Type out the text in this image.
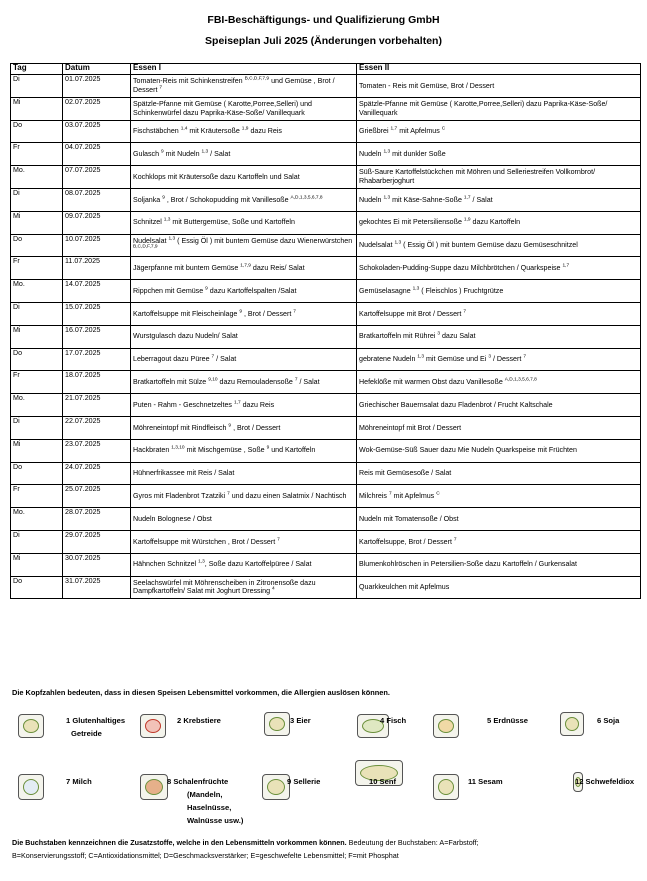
FBI-Beschäftigungs- und Qualifizierung GmbH
Speiseplan Juli 2025 (Änderungen vorbehalten)
Tag	Datum	Essen I	Essen II
Di	01.07.2025	Tomaten-Reis mit Schinkenstreifen $^{B,C,D,F,7,9}$ und Gemüse , Brot / Dessert $^7$	Tomaten - Reis mit Gemüse, Brot / Dessert

Mi	02.07.2025	Spätzle-Pfanne mit Gemüse ( Karotte,Porree,Selleri) und Schinkenwürfel dazu Paprika-Käse-Soße/ Vanillequark	Spätzle-Pfanne mit Gemüse ( Karotte,Porree,Selleri) dazu Paprika-Käse-Soße/ Vanillequark

Do	03.07.2025	Fischstäbchen $^{1,4}$ mit Kräutersoße $^{1,9}$ dazu Reis	Grießbrei $^{1,7}$ mit Apfelmus $^C$

Fr	04.07.2025	Gulasch $^9$ mit Nudeln $^{1,3}$ / Salat	Nudeln $^{1,3}$ mit dunkler Soße

Mo.	07.07.2025	Kochklops mit Kräutersoße dazu Kartoffeln und Salat	Süß-Saure Kartoffelstückchen mit Möhren und Selleriestreifen Vollkornbrot/ Rhabarberjoghurt

Di	08.07.2025	Soljanka $^9$ , Brot / Schokopudding mit Vanillesoße $^{A,D,1,3,5,6,7,8}$	Nudeln $^{1,3}$ mit Käse-Sahne-Soße $^{1,7}$ / Salat

Mi	09.07.2025	Schnitzel $^{1,3}$ mit Buttergemüse, Soße und Kartoffeln	gekochtes Ei mit Petersiliensoße $^{1,9}$ dazu Kartoffeln

Do	10.07.2025	Nudelsalat $^{1,3}$ ( Essig Öl ) mit buntem Gemüse dazu Wienerwürstchen $^{B,C,D,F,7,9}$	Nudelsalat $^{1,3}$ ( Essig Öl ) mit buntem Gemüse dazu Gemüseschnitzel

Fr	11.07.2025	Jägerpfanne mit buntem Gemüse $^{1,7,9}$ dazu Reis/ Salat	Schokoladen-Pudding-Suppe dazu Milchbrötchen / Quarkspeise $^{1,7}$

Mo.	14.07.2025	Rippchen mit Gemüse $^9$ dazu Kartoffelspalten /Salat	Gemüselasagne $^{1,3}$ ( Fleischlos ) Fruchtgrütze

Di	15.07.2025	Kartoffelsuppe mit Fleischeinlage $^9$ , Brot / Dessert $^7$	Kartoffelsuppe mit Brot / Dessert $^7$

Mi	16.07.2025	Wurstgulasch dazu Nudeln/ Salat	Bratkartoffeln mit Rührei $^3$ dazu Salat

Do	17.07.2025	Leberragout dazu Püree $^7$ / Salat	gebratene Nudeln $^{1,3}$ mit Gemüse und Ei $^3$ / Dessert $^7$

Fr	18.07.2025	Bratkartoffeln mit Sülze $^{9,10}$ dazu Remouladensoße $^7$ / Salat	Hefeklöße mit warmen Obst dazu Vanillesoße $^{A,D,1,3,5,6,7,8}$

Mo.	21.07.2025	Puten - Rahm - Geschnetzeltes $^{1,7}$ dazu Reis	Griechischer Bauernsalat dazu Fladenbrot / Frucht Kaltschale

Di	22.07.2025	Möhreneintopf mit Rindfleisch $^9$ , Brot / Dessert	Möhreneintopf mit Brot / Dessert

Mi	23.07.2025	Hackbraten $^{1,3,10}$ mit Mischgemüse , Soße $^9$ und Kartoffeln	Wok-Gemüse-Süß Sauer dazu Mie Nudeln Quarkspeise mit Früchten

Do	24.07.2025	Hühnerfrikassee mit Reis / Salat	Reis mit Gemüsesoße / Salat

Fr	25.07.2025	Gyros mit Fladenbrot Tzatziki $^7$ und dazu einen Salatmix / Nachtisch	Milchreis $^7$ mit Apfelmus $^C$

Mo.	28.07.2025	Nudeln Bolognese / Obst	Nudeln mit Tomatensoße / Obst

Di	29.07.2025	Kartoffelsuppe mit Würstchen , Brot / Dessert $^7$	Kartoffelsuppe, Brot / Dessert $^7$

Mi	30.07.2025	Hähnchen Schnitzel $^{1,3}$, Soße dazu Kartoffelpüree / Salat	Blumenkohlröschen in Petersilien-Soße dazu Kartoffeln / Gurkensalat

Do	31.07.2025	Seelachswürfel mit Möhrenscheiben in Zitronensoße dazu Dampfkartoffeln/ Salat mit Joghurt Dressing $^4$	Quarkkeulchen mit Apfelmus
Die Kopfzahlen bedeuten, dass in diesen Speisen Lebensmittel vorkommen, die Allergien auslösen können.
1 Glutenhaltiges
Getreide
2 Krebstiere	3 Eier	4 Fisch	5 Erdnüsse	6 Soja
7 Milch	8 Schalenfrüchte
(Mandeln,
Haselnüsse,
Walnüsse usw.)
9 Sellerie	10 Senf	11 Sesam	12 Schwefeldiox
Die Buchstaben kennzeichnen die Zusatzstoffe, welche in den Lebensmitteln vorkommen können. Bedeutung der Buchstaben: A=Farbstoff;
B=Konservierungsstoff; C=Antioxidationsmittel; D=Geschmacksverstärker; E=geschwefelte Lebensmittel; F=mit Phosphat
